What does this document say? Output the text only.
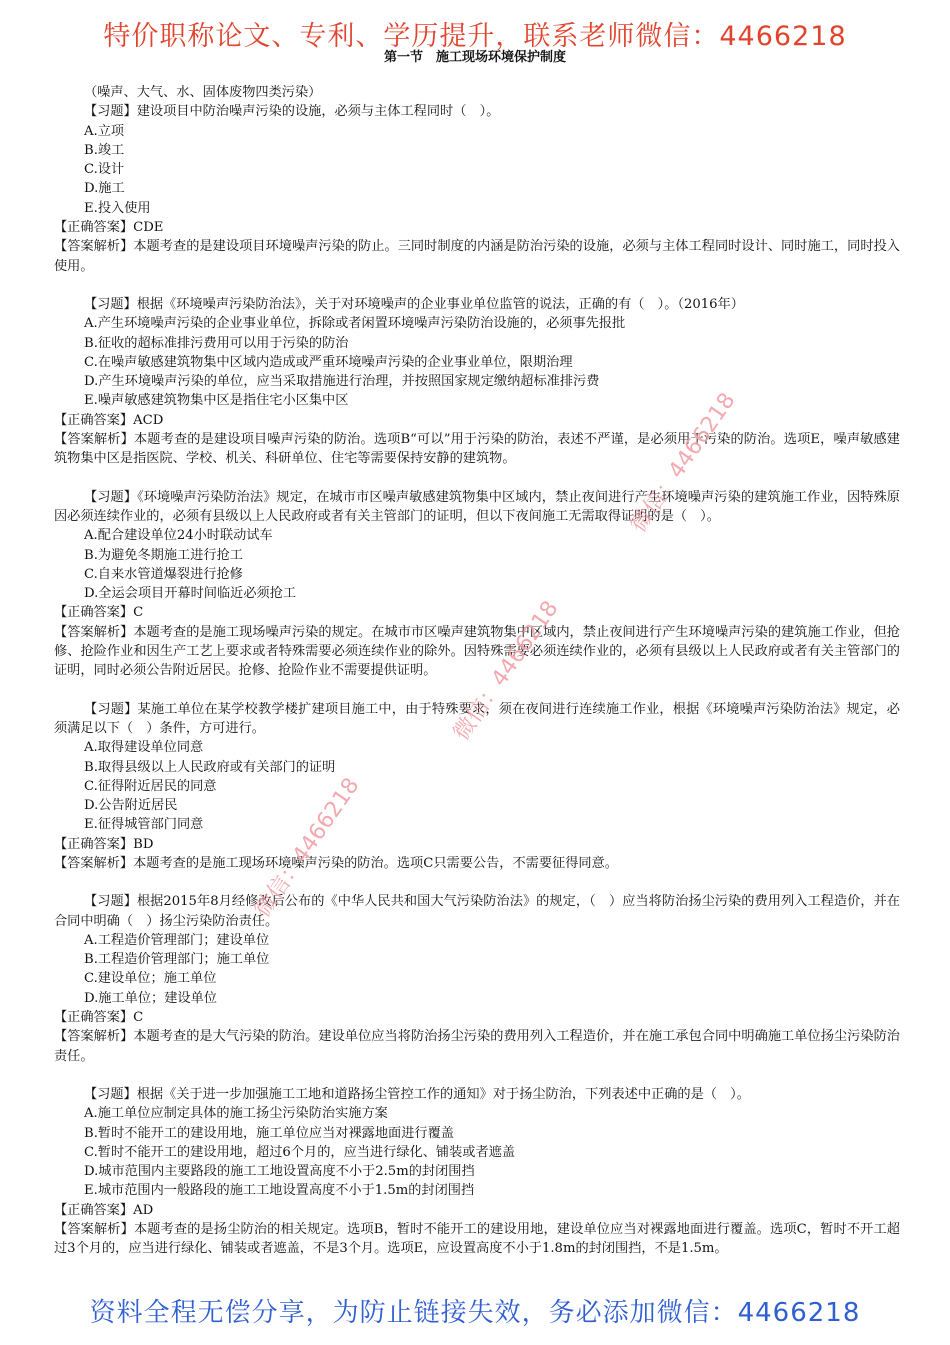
特价职称论文、专利、学历提升，联系老师微信：4466218
第一节　施工现场环境保护制度
（噪声、大气、水、固体废物四类污染）
【习题】建设项目中防治噪声污染的设施，必须与主体工程同时（　）。
A.立项
B.竣工
C.设计
D.施工
E.投入使用
【正确答案】CDE
【答案解析】本题考查的是建设项目环境噪声污染的防止。三同时制度的内涵是防治污染的设施，必须与主体工程同时设计、同时施工，同时投入使用。
【习题】根据《环境噪声污染防治法》，关于对环境噪声的企业事业单位监管的说法，正确的有（　）。（2016年）
A.产生环境噪声污染的企业事业单位，拆除或者闲置环境噪声污染防治设施的，必须事先报批
B.征收的超标准排污费用可以用于污染的防治
C.在噪声敏感建筑物集中区域内造成或严重环境噪声污染的企业事业单位，限期治理
D.产生环境噪声污染的单位，应当采取措施进行治理，并按照国家规定缴纳超标准排污费
E.噪声敏感建筑物集中区是指住宅小区集中区
【正确答案】ACD
【答案解析】本题考查的是建设项目噪声污染的防治。选项B“可以”用于污染的防治，表述不严谨，是必须用于污染的防治。选项E，噪声敏感建筑物集中区是指医院、学校、机关、科研单位、住宅等需要保持安静的建筑物。
【习题】《环境噪声污染防治法》规定，在城市市区噪声敏感建筑物集中区域内，禁止夜间进行产生环境噪声污染的建筑施工作业，因特殊原因必须连续作业的，必须有县级以上人民政府或者有关主管部门的证明，但以下夜间施工无需取得证明的是（　）。
A.配合建设单位24小时联动试车
B.为避免冬期施工进行抢工
C.自来水管道爆裂进行抢修
D.全运会项目开幕时间临近必须抢工
【正确答案】C
【答案解析】本题考查的是施工现场噪声污染的规定。在城市市区噪声建筑物集中区域内，禁止夜间进行产生环境噪声污染的建筑施工作业，但抢修、抢险作业和因生产工艺上要求或者特殊需要必须连续作业的除外。因特殊需要必须连续作业的，必须有县级以上人民政府或者有关主管部门的证明，同时必须公告附近居民。抢修、抢险作业不需要提供证明。
【习题】某施工单位在某学校教学楼扩建项目施工中，由于特殊要求，须在夜间进行连续施工作业，根据《环境噪声污染防治法》规定，必须满足以下（　）条件，方可进行。
A.取得建设单位同意
B.取得县级以上人民政府或有关部门的证明
C.征得附近居民的同意
D.公告附近居民
E.征得城管部门同意
【正确答案】BD
【答案解析】本题考查的是施工现场环境噪声污染的防治。选项C只需要公告，不需要征得同意。
【习题】根据2015年8月经修改后公布的《中华人民共和国大气污染防治法》的规定，（　）应当将防治扬尘污染的费用列入工程造价，并在合同中明确（　）扬尘污染防治责任。
A.工程造价管理部门；建设单位
B.工程造价管理部门；施工单位
C.建设单位；施工单位
D.施工单位；建设单位
【正确答案】C
【答案解析】本题考查的是大气污染的防治。建设单位应当将防治扬尘污染的费用列入工程造价，并在施工承包合同中明确施工单位扬尘污染防治责任。
【习题】根据《关于进一步加强施工工地和道路扬尘管控工作的通知》对于扬尘防治，下列表述中正确的是（　）。
A.施工单位应制定具体的施工扬尘污染防治实施方案
B.暂时不能开工的建设用地，施工单位应当对裸露地面进行覆盖
C.暂时不能开工的建设用地，超过6个月的，应当进行绿化、铺装或者遮盖
D.城市范围内主要路段的施工工地设置高度不小于2.5m的封闭围挡
E.城市范围内一般路段的施工工地设置高度不小于1.5m的封闭围挡
【正确答案】AD
【答案解析】本题考查的是扬尘防治的相关规定。选项B，暂时不能开工的建设用地，建设单位应当对裸露地面进行覆盖。选项C，暂时不开工超过3个月的，应当进行绿化、铺装或者遮盖，不是3个月。选项E，应设置高度不小于1.8m的封闭围挡，不是1.5m。
微信：4466218
微信：4466218
微信：4466218
资料全程无偿分享，为防止链接失效，务必添加微信：4466218
